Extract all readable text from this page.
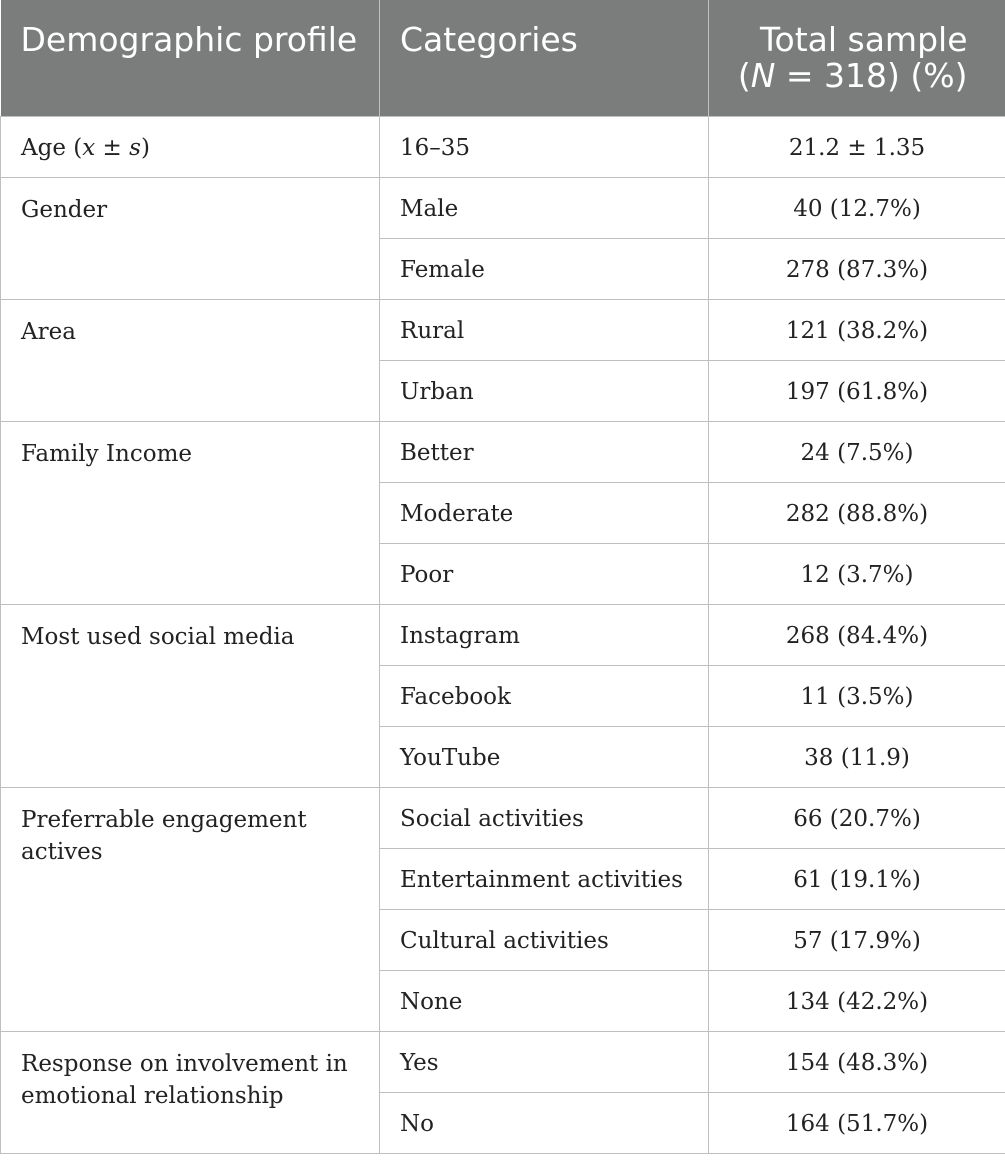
Demographic profile	Categories	Total sample (N = 318) (%)
Age (x ± s)	16–35	21.2 ± 1.35
Gender	Male	40 (12.7%)
	Female	278 (87.3%)
Area	Rural	121 (38.2%)
	Urban	197 (61.8%)
Family Income	Better	24 (7.5%)
	Moderate	282 (88.8%)
	Poor	12 (3.7%)
Most used social media	Instagram	268 (84.4%)
	Facebook	11 (3.5%)
	YouTube	38 (11.9)
Preferrable engagement actives	Social activities	66 (20.7%)
	Entertainment activities	61 (19.1%)
	Cultural activities	57 (17.9%)
	None	134 (42.2%)
Response on involvement in emotional relationship	Yes	154 (48.3%)
	No	164 (51.7%)
